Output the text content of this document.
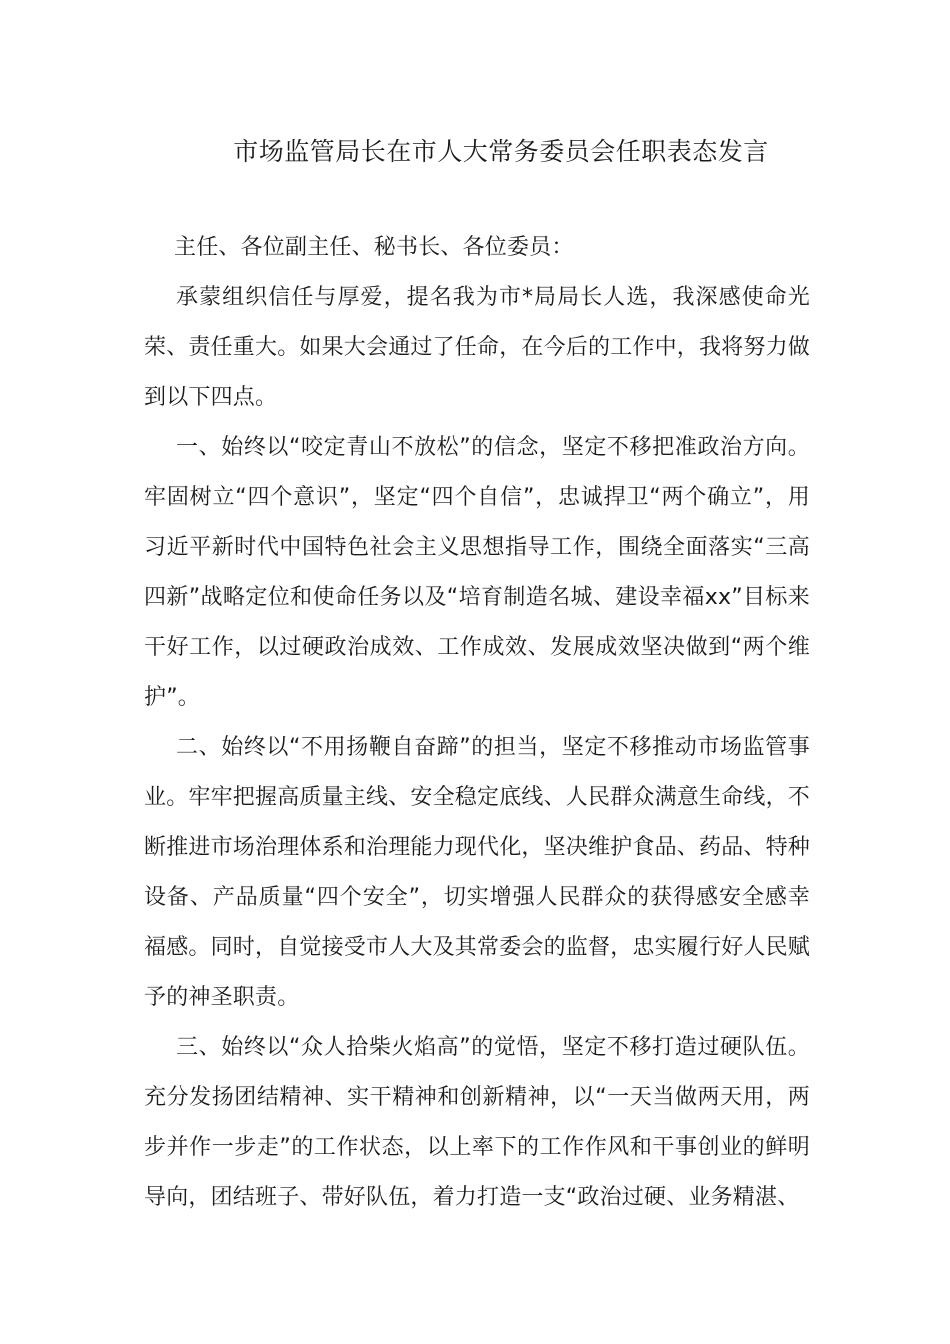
市场监管局长在市人大常务委员会任职表态发言

主任、各位副主任、秘书长、各位委员：

承蒙组织信任与厚爱，提名我为市*局局长人选，我深感使命光荣、责任重大。如果大会通过了任命，在今后的工作中，我将努力做到以下四点。

一、始终以“咬定青山不放松”的信念，坚定不移把准政治方向。牢固树立“四个意识”，坚定“四个自信”，忠诚捍卫“两个确立”，用习近平新时代中国特色社会主义思想指导工作，围绕全面落实“三高四新”战略定位和使命任务以及“培育制造名城、建设幸福xx”目标来干好工作，以过硬政治成效、工作成效、发展成效坚决做到“两个维护”。

二、始终以“不用扬鞭自奋蹄”的担当，坚定不移推动市场监管事业。牢牢把握高质量主线、安全稳定底线、人民群众满意生命线，不断推进市场治理体系和治理能力现代化，坚决维护食品、药品、特种设备、产品质量“四个安全”，切实增强人民群众的获得感安全感幸福感。同时，自觉接受市人大及其常委会的监督，忠实履行好人民赋予的神圣职责。

三、始终以“众人拾柴火焰高”的觉悟，坚定不移打造过硬队伍。充分发扬团结精神、实干精神和创新精神，以“一天当做两天用，两步并作一步走”的工作状态，以上率下的工作作风和干事创业的鲜明导向，团结班子、带好队伍，着力打造一支“政治过硬、业务精湛、
